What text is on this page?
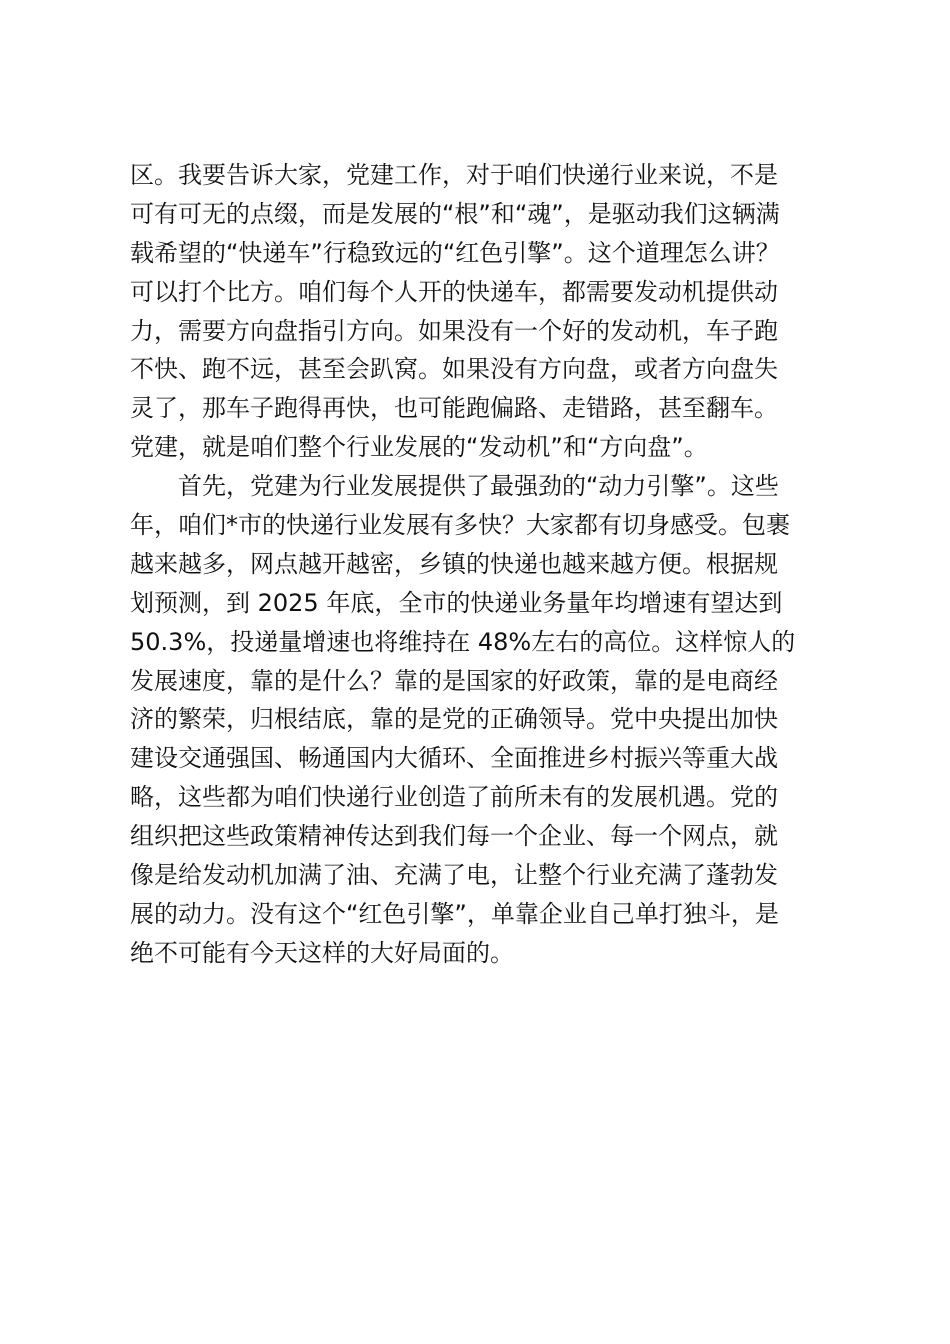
区。我要告诉大家，党建工作，对于咱们快递行业来说，不是
可有可无的点缀，而是发展的“根”和“魂”，是驱动我们这辆满
载希望的“快递车”行稳致远的“红色引擎”。这个道理怎么讲？
可以打个比方。咱们每个人开的快递车，都需要发动机提供动
力，需要方向盘指引方向。如果没有一个好的发动机，车子跑
不快、跑不远，甚至会趴窝。如果没有方向盘，或者方向盘失
灵了，那车子跑得再快，也可能跑偏路、走错路，甚至翻车。
党建，就是咱们整个行业发展的“发动机”和“方向盘”。
首先，党建为行业发展提供了最强劲的“动力引擎”。这些
年，咱们*市的快递行业发展有多快？大家都有切身感受。包裹
越来越多，网点越开越密，乡镇的快递也越来越方便。根据规
划预测，到 2025 年底，全市的快递业务量年均增速有望达到
50.3%，投递量增速也将维持在 48%左右的高位。这样惊人的
发展速度，靠的是什么？靠的是国家的好政策，靠的是电商经
济的繁荣，归根结底，靠的是党的正确领导。党中央提出加快
建设交通强国、畅通国内大循环、全面推进乡村振兴等重大战
略，这些都为咱们快递行业创造了前所未有的发展机遇。党的
组织把这些政策精神传达到我们每一个企业、每一个网点，就
像是给发动机加满了油、充满了电，让整个行业充满了蓬勃发
展的动力。没有这个“红色引擎”，单靠企业自己单打独斗，是
绝不可能有今天这样的大好局面的。
